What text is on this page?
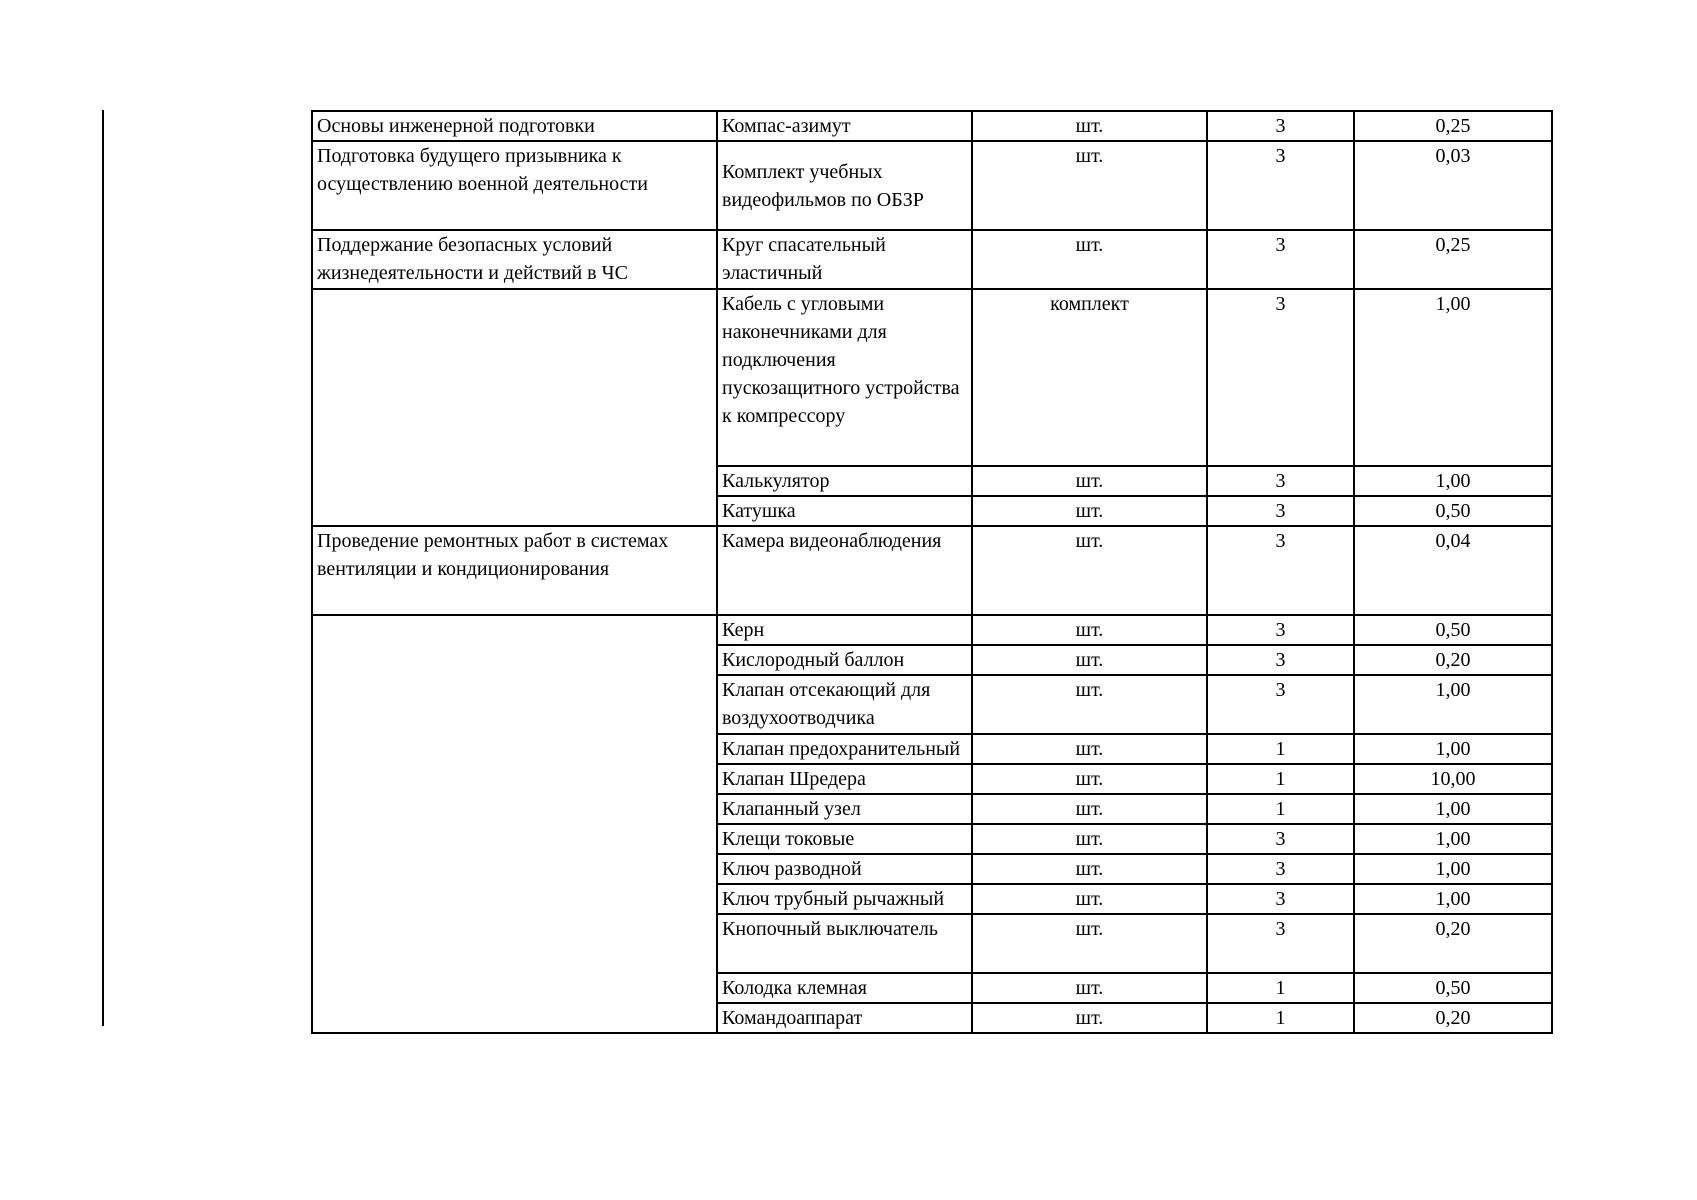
Основы инженерной подготовки	Компас-азимут	шт.	3	0,25
Подготовка будущего призывника к осуществлению военной деятельности	Комплект учебных видеофильмов по ОБЗР	шт.	3	0,03
Поддержание безопасных условий жизнедеятельности и действий в ЧС	Круг спасательный эластичный	шт.	3	0,25
	Кабель с угловыми наконечниками для подключения пускозащитного устройства к компрессору	комплект	3	1,00
	Калькулятор	шт.	3	1,00
	Катушка	шт.	3	0,50
Проведение ремонтных работ в системах вентиляции и кондиционирования	Камера видеонаблюдения	шт.	3	0,04
	Керн	шт.	3	0,50
	Кислородный баллон	шт.	3	0,20
	Клапан отсекающий для воздухоотводчика	шт.	3	1,00
	Клапан предохранительный	шт.	1	1,00
	Клапан Шредера	шт.	1	10,00
	Клапанный узел	шт.	1	1,00
	Клещи токовые	шт.	3	1,00
	Ключ разводной	шт.	3	1,00
	Ключ трубный рычажный	шт.	3	1,00
	Кнопочный выключатель	шт.	3	0,20
	Колодка клемная	шт.	1	0,50
	Командоаппарат	шт.	1	0,20
